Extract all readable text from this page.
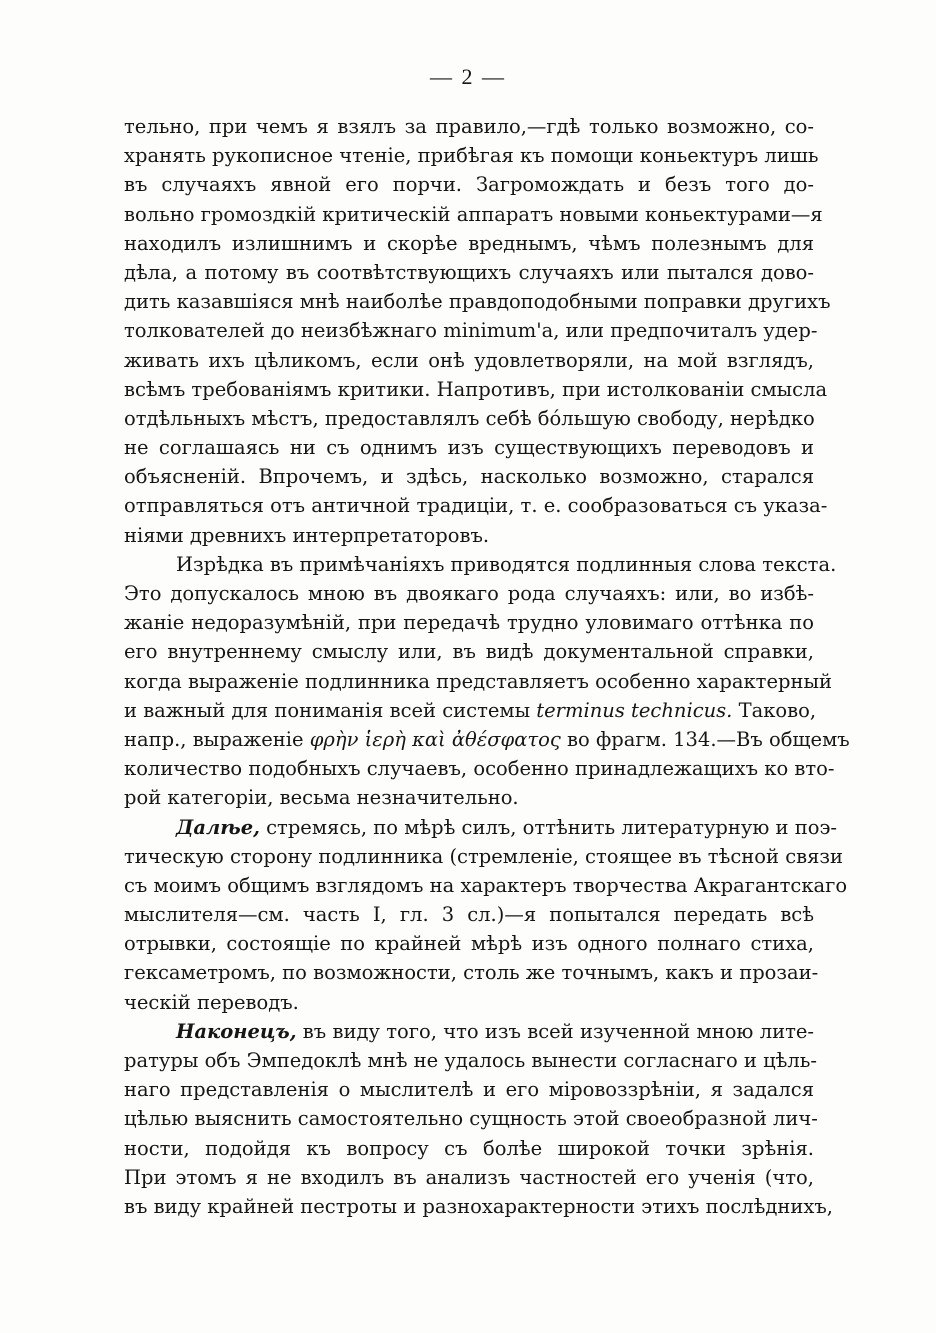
— 2 —
тельно, при чемъ я взялъ за правило,—гдѣ только возможно, со-
хранять рукописное чтеніе, прибѣгая къ помощи коньектуръ лишь
въ случаяхъ явной его порчи. Загромождать и безъ того до-
вольно громоздкій критическій аппаратъ новыми коньектурами—я
находилъ излишнимъ и скорѣе вреднымъ, чѣмъ полезнымъ для
дѣла, а потому въ соотвѣтствующихъ случаяхъ или пытался дово-
дить казавшіяся мнѣ наиболѣе правдоподобными поправки другихъ
толкователей до неизбѣжнаго minimum'a, или предпочиталъ удер-
живать ихъ цѣликомъ, если онѣ удовлетворяли, на мой взглядъ,
всѣмъ требованіямъ критики. Напротивъ, при истолкованіи смысла
отдѣльныхъ мѣстъ, предоставлялъ себѣ бóльшую свободу, нерѣдко
не соглашаясь ни съ однимъ изъ существующихъ переводовъ и
объясненій. Впрочемъ, и здѣсь, насколько возможно, старался
отправляться отъ античной традиціи, т. е. сообразоваться съ указа-
ніями древнихъ интерпретаторовъ.
Изрѣдка въ примѣчаніяхъ приводятся подлинныя слова текста.
Это допускалось мною въ двоякаго рода случаяхъ: или, во избѣ-
жаніе недоразумѣній, при передачѣ трудно уловимаго оттѣнка по
его внутреннему смыслу или, въ видѣ документальной справки,
когда выраженіе подлинника представляетъ особенно характерный
и важный для пониманія всей системы terminus technicus. Таково,
напр., выраженіе φρὴν ἱερὴ καὶ ἀθέσφατος во фрагм. 134.—Въ общемъ
количество подобныхъ случаевъ, особенно принадлежащихъ ко вто-
рой категоріи, весьма незначительно.
Далѣе, стремясь, по мѣрѣ силъ, оттѣнить литературную и поэ-
тическую сторону подлинника (стремленіе, стоящее въ тѣсной связи
съ моимъ общимъ взглядомъ на характеръ творчества Акрагантскаго
мыслителя—см. часть I, гл. 3 сл.)—я попытался передать всѣ
отрывки, состоящіе по крайней мѣрѣ изъ одного полнаго стиха,
гексаметромъ, по возможности, столь же точнымъ, какъ и прозаи-
ческій переводъ.
Наконецъ, въ виду того, что изъ всей изученной мною лите-
ратуры объ Эмпедоклѣ мнѣ не удалось вынести согласнаго и цѣль-
наго представленія о мыслителѣ и его міровоззрѣніи, я задался
цѣлью выяснить самостоятельно сущность этой своеобразной лич-
ности, подойдя къ вопросу съ болѣе широкой точки зрѣнія.
При этомъ я не входилъ въ анализъ частностей его ученія (что,
въ виду крайней пестроты и разнохарактерности этихъ послѣднихъ,
